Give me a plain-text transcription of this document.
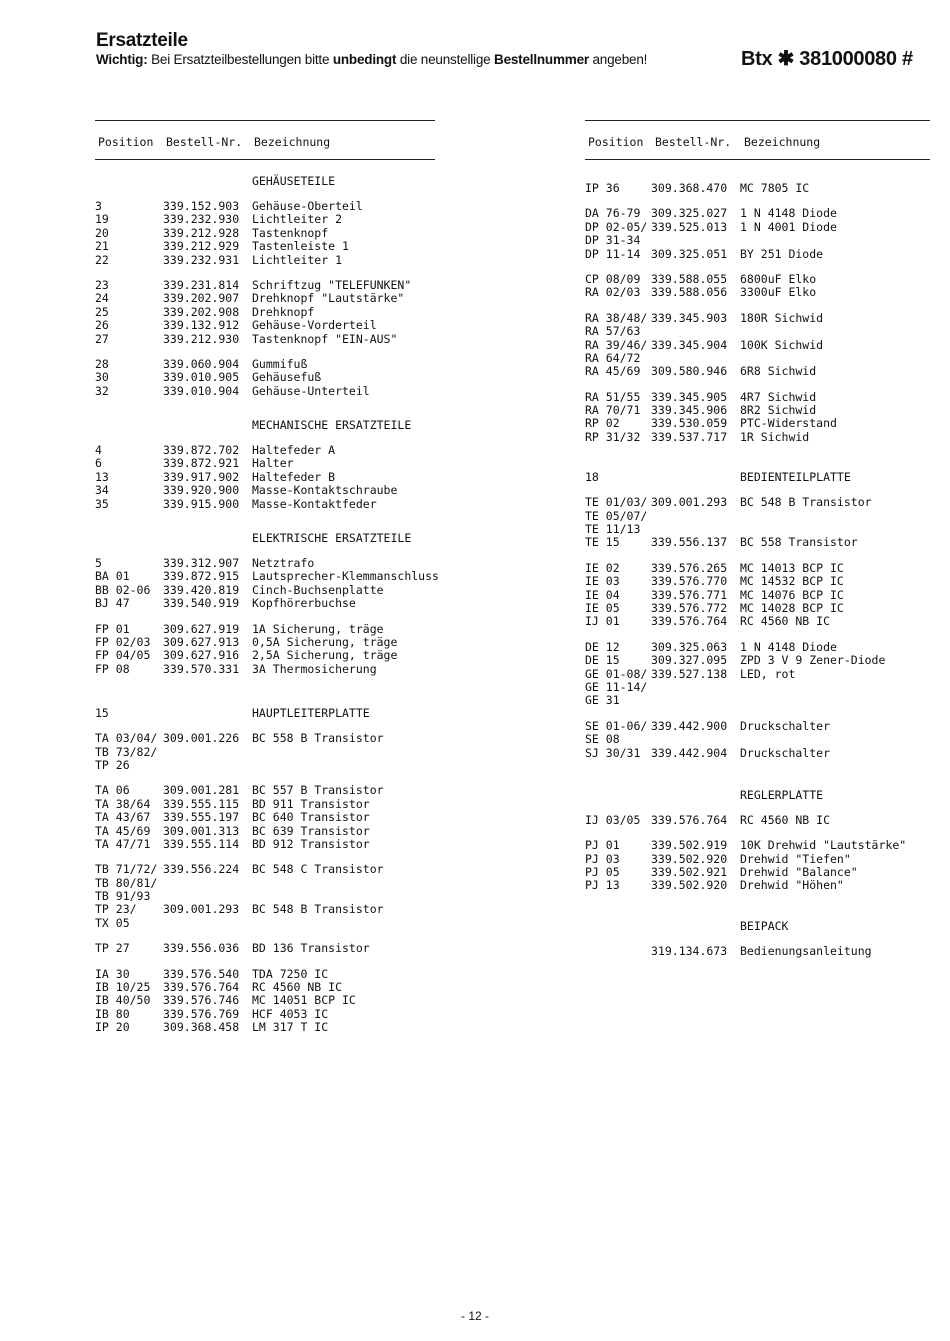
Ersatzteile
Wichtig: Bei Ersatzteilbestellungen bitte unbedingt die neunstellige Bestellnummer angeben!	Btx ✱ 381000080 #
Position Bestell-Nr. Bezeichnung
GEHÄUSETEILE
3	339.152.903 Gehäuse-Oberteil
19	339.232.930 Lichtleiter 2
20	339.212.928 Tastenknopf
21	339.212.929 Tastenleiste 1
22	339.232.931 Lichtleiter 1
23	339.231.814 Schriftzug "TELEFUNKEN"
24	339.202.907 Drehknopf "Lautstärke"
25	339.202.908 Drehknopf
26	339.132.912 Gehäuse-Vorderteil
27	339.212.930 Tastenknopf "EIN-AUS"
28	339.060.904 Gummifuß
30	339.010.905 Gehäusefuß
32	339.010.904 Gehäuse-Unterteil
MECHANISCHE ERSATZTEILE
4	339.872.702 Haltefeder A
6	339.872.921 Halter
13	339.917.902 Haltefeder B
34	339.920.900 Masse-Kontaktschraube
35	339.915.900 Masse-Kontaktfeder
ELEKTRISCHE ERSATZTEILE
5	339.312.907 Netztrafo
BA 01	339.872.915 Lautsprecher-Klemmanschluss
BB 02-06 339.420.819 Cinch-Buchsenplatte
BJ 47	339.540.919 Kopfhörerbuchse
FP 01	309.627.919 1A Sicherung, träge
FP 02/03 309.627.913 0,5A Sicherung, träge
FP 04/05 309.627.916 2,5A Sicherung, träge
FP 08	339.570.331 3A Thermosicherung
15	HAUPTLEITERPLATTE
TA 03/04/ 309.001.226 BC 558 B Transistor
TB 73/82/
TP 26
TA 06	309.001.281 BC 557 B Transistor
TA 38/64 339.555.115 BD 911 Transistor
TA 43/67 339.555.197 BC 640 Transistor
TA 45/69 309.001.313 BC 639 Transistor
TA 47/71 339.555.114 BD 912 Transistor
TB 71/72/ 339.556.224 BC 548 C Transistor
TB 80/81/
TB 91/93
TP 23/ 309.001.293 BC 548 B Transistor
TX 05
TP 27	339.556.036 BD 136 Transistor
IA 30	339.576.540 TDA 7250 IC
IB 10/25 339.576.764 RC 4560 NB IC
IB 40/50 339.576.746 MC 14051 BCP IC
IB 80	339.576.769 HCF 4053 IC
IP 20	309.368.458 LM 317 T IC
Position Bestell-Nr. Bezeichnung
IP 36	309.368.470 MC 7805 IC
DA 76-79 309.325.027 1 N 4148 Diode
DP 02-05/ 339.525.013 1 N 4001 Diode
DP 31-34
DP 11-14 309.325.051 BY 251 Diode
CP 08/09 339.588.055 6800uF Elko
RA 02/03 339.588.056 3300uF Elko
RA 38/48/ 339.345.903 180R Sichwid
RA 57/63
RA 39/46/ 339.345.904 100K Sichwid
RA 64/72
RA 45/69 309.580.946 6R8 Sichwid
RA 51/55 339.345.905 4R7 Sichwid
RA 70/71 339.345.906 8R2 Sichwid
RP 02	339.530.059 PTC-Widerstand
RP 31/32 339.537.717 1R Sichwid
18	BEDIENTEILPLATTE
TE 01/03/ 309.001.293 BC 548 B Transistor
TE 05/07/
TE 11/13
TE 15	339.556.137 BC 558 Transistor
IE 02	339.576.265 MC 14013 BCP IC
IE 03	339.576.770 MC 14532 BCP IC
IE 04	339.576.771 MC 14076 BCP IC
IE 05	339.576.772 MC 14028 BCP IC
IJ 01	339.576.764 RC 4560 NB IC
DE 12	309.325.063 1 N 4148 Diode
DE 15	309.327.095 ZPD 3 V 9 Zener-Diode
GE 01-08/ 339.527.138 LED, rot
GE 11-14/
GE 31
SE 01-06/ 339.442.900 Druckschalter
SE 08
SJ 30/31 339.442.904 Druckschalter
REGLERPLATTE
IJ 03/05 339.576.764 RC 4560 NB IC
PJ 01	339.502.919 10K Drehwid "Lautstärke"
PJ 03	339.502.920 Drehwid "Tiefen"
PJ 05	339.502.921 Drehwid "Balance"
PJ 13	339.502.920 Drehwid "Höhen"
BEIPACK
319.134.673 Bedienungsanleitung
- 12 -
